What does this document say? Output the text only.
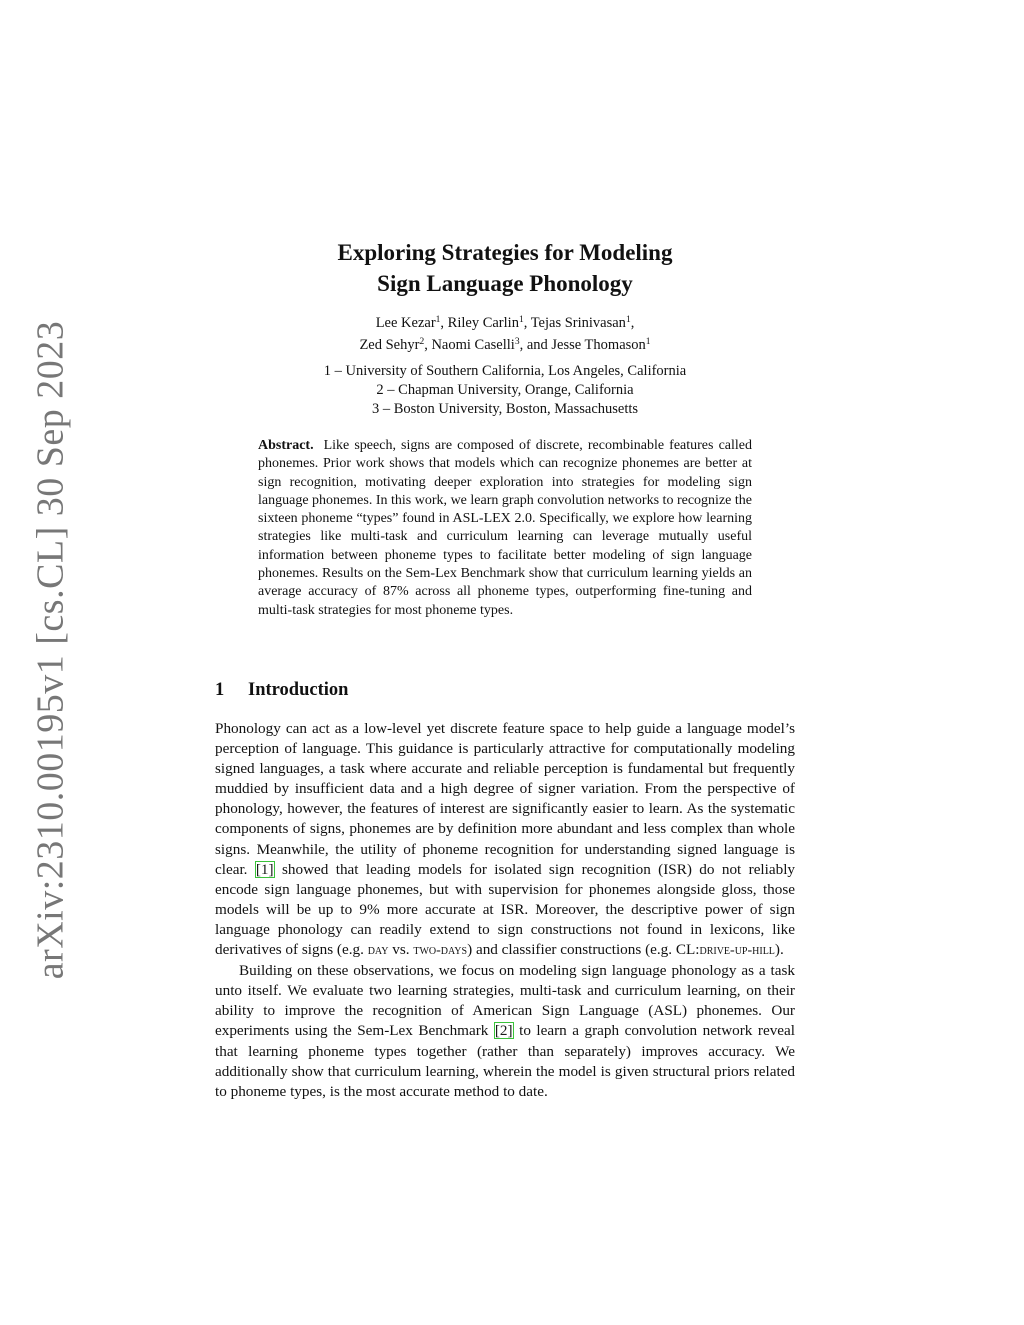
arXiv:2310.00195v1 [cs.CL] 30 Sep 2023
Exploring Strategies for Modeling
Sign Language Phonology
Lee Kezar$^1$, Riley Carlin$^1$, Tejas Srinivasan$^1$,
Zed Sehyr$^2$, Naomi Caselli$^3$, and Jesse Thomason$^1$
1 – University of Southern California, Los Angeles, California
2 – Chapman University, Orange, California
3 – Boston University, Boston, Massachusetts
Abstract. Like speech, signs are composed of discrete, recombinable features called phonemes. Prior work shows that models which can recognize phonemes are better at sign recognition, motivating deeper exploration into strategies for modeling sign language phonemes. In this work, we learn graph convolution networks to recognize the sixteen phoneme “types” found in ASL-LEX 2.0. Specifically, we explore how learning strategies like multi-task and curriculum learning can leverage mutually useful information between phoneme types to facilitate better modeling of sign language phonemes. Results on the Sem-Lex Benchmark show that curriculum learning yields an average accuracy of 87% across all phoneme types, outperforming fine-tuning and multi-task strategies for most phoneme types.
1 Introduction

Phonology can act as a low-level yet discrete feature space to help guide a language model’s perception of language. This guidance is particularly attractive for computationally modeling signed languages, a task where accurate and reliable perception is fundamental but frequently muddied by insufficient data and a high degree of signer variation. From the perspective of phonology, however, the features of interest are significantly easier to learn. As the systematic components of signs, phonemes are by definition more abundant and less complex than whole signs. Meanwhile, the utility of phoneme recognition for understanding signed language is clear. [1] showed that leading models for isolated sign recognition (ISR) do not reliably encode sign language phonemes, but with supervision for phonemes alongside gloss, those models will be up to 9% more accurate at ISR. Moreover, the descriptive power of sign language phonology can readily extend to sign constructions not found in lexicons, like derivatives of signs (e.g. day vs. two-days) and classifier constructions (e.g. CL:drive-up-hill).

Building on these observations, we focus on modeling sign language phonology as a task unto itself. We evaluate two learning strategies, multi-task and curriculum learning, on their ability to improve the recognition of American Sign Language (ASL) phonemes. Our experiments using the Sem-Lex Benchmark [2] to learn a graph convolution network reveal that learning phoneme types together (rather than separately) improves accuracy. We additionally show that curriculum learning, wherein the model is given structural priors related to phoneme types, is the most accurate method to date.
